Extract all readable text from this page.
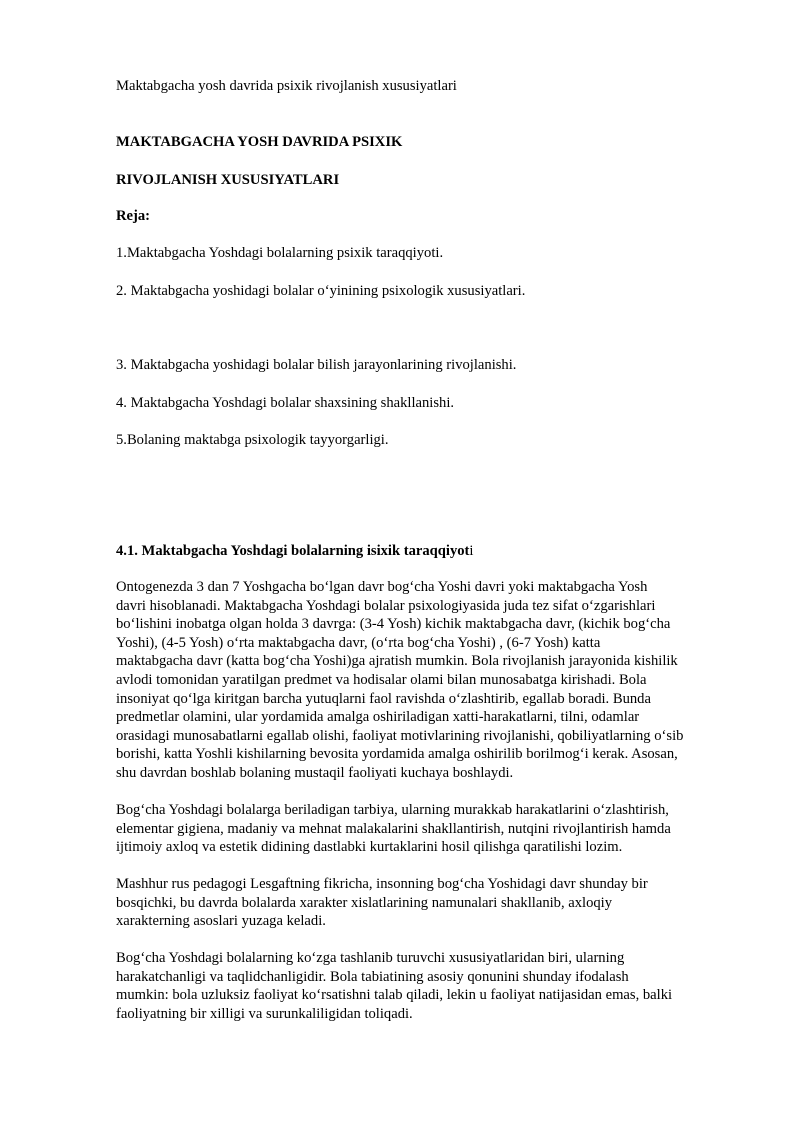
Maktabgacha yosh davrida psixik rivojlanish xususiyatlari

MAKTABGACHA YOSH DAVRIDA PSIXIK

RIVOJLANISH XUSUSIYATLARI

Reja:

1.Maktabgacha Yoshdagi bolalarning psixik taraqqiyoti.

2. Maktabgacha yoshidagi bolalar o‘yinining psixologik xususiyatlari.

3. Maktabgacha yoshidagi bolalar bilish jarayonlarining rivojlanishi.

4. Maktabgacha Yoshdagi bolalar shaxsining shakllanishi.

5.Bolaning maktabga psixologik tayyorgarligi.

4.1. Maktabgacha Yoshdagi bolalarning isixik taraqqiyoti

Ontogenezda 3 dan 7 Yoshgacha bo‘lgan davr bog‘cha Yoshi davri yoki maktabgacha Yosh
davri hisoblanadi. Maktabgacha Yoshdagi bolalar psixologiyasida juda tez sifat o‘zgarishlari
bo‘lishini inobatga olgan holda 3 davrga: (3-4 Yosh) kichik maktabgacha davr, (kichik bog‘cha
Yoshi), (4-5 Yosh) o‘rta maktabgacha davr, (o‘rta bog‘cha Yoshi) , (6-7 Yosh) katta
maktabgacha davr (katta bog‘cha Yoshi)ga ajratish mumkin. Bola rivojlanish jarayonida kishilik
avlodi tomonidan yaratilgan predmet va hodisalar olami bilan munosabatga kirishadi. Bola
insoniyat qo‘lga kiritgan barcha yutuqlarni faol ravishda o‘zlashtirib, egallab boradi. Bunda
predmetlar olamini, ular yordamida amalga oshiriladigan xatti-harakatlarni, tilni, odamlar
orasidagi munosabatlarni egallab olishi, faoliyat motivlarining rivojlanishi, qobiliyatlarning o‘sib
borishi, katta Yoshli kishilarning bevosita yordamida amalga oshirilib borilmog‘i kerak. Asosan,
shu davrdan boshlab bolaning mustaqil faoliyati kuchaya boshlaydi.
Bog‘cha Yoshdagi bolalarga beriladigan tarbiya, ularning murakkab harakatlarini o‘zlashtirish,
elementar gigiena, madaniy va mehnat malakalarini shakllantirish, nutqini rivojlantirish hamda
ijtimoiy axloq va estetik didining dastlabki kurtaklarini hosil qilishga qaratilishi lozim.
Mashhur rus pedagogi Lesgaftning fikricha, insonning bog‘cha Yoshidagi davr shunday bir
bosqichki, bu davrda bolalarda xarakter xislatlarining namunalari shakllanib, axloqiy
xarakterning asoslari yuzaga keladi.
Bog‘cha Yoshdagi bolalarning ko‘zga tashlanib turuvchi xususiyatlaridan biri, ularning
harakatchanligi va taqlidchanligidir. Bola tabiatining asosiy qonunini shunday ifodalash
mumkin: bola uzluksiz faoliyat ko‘rsatishni talab qiladi, lekin u faoliyat natijasidan emas, balki
faoliyatning bir xilligi va surunkaliligidan toliqadi.
